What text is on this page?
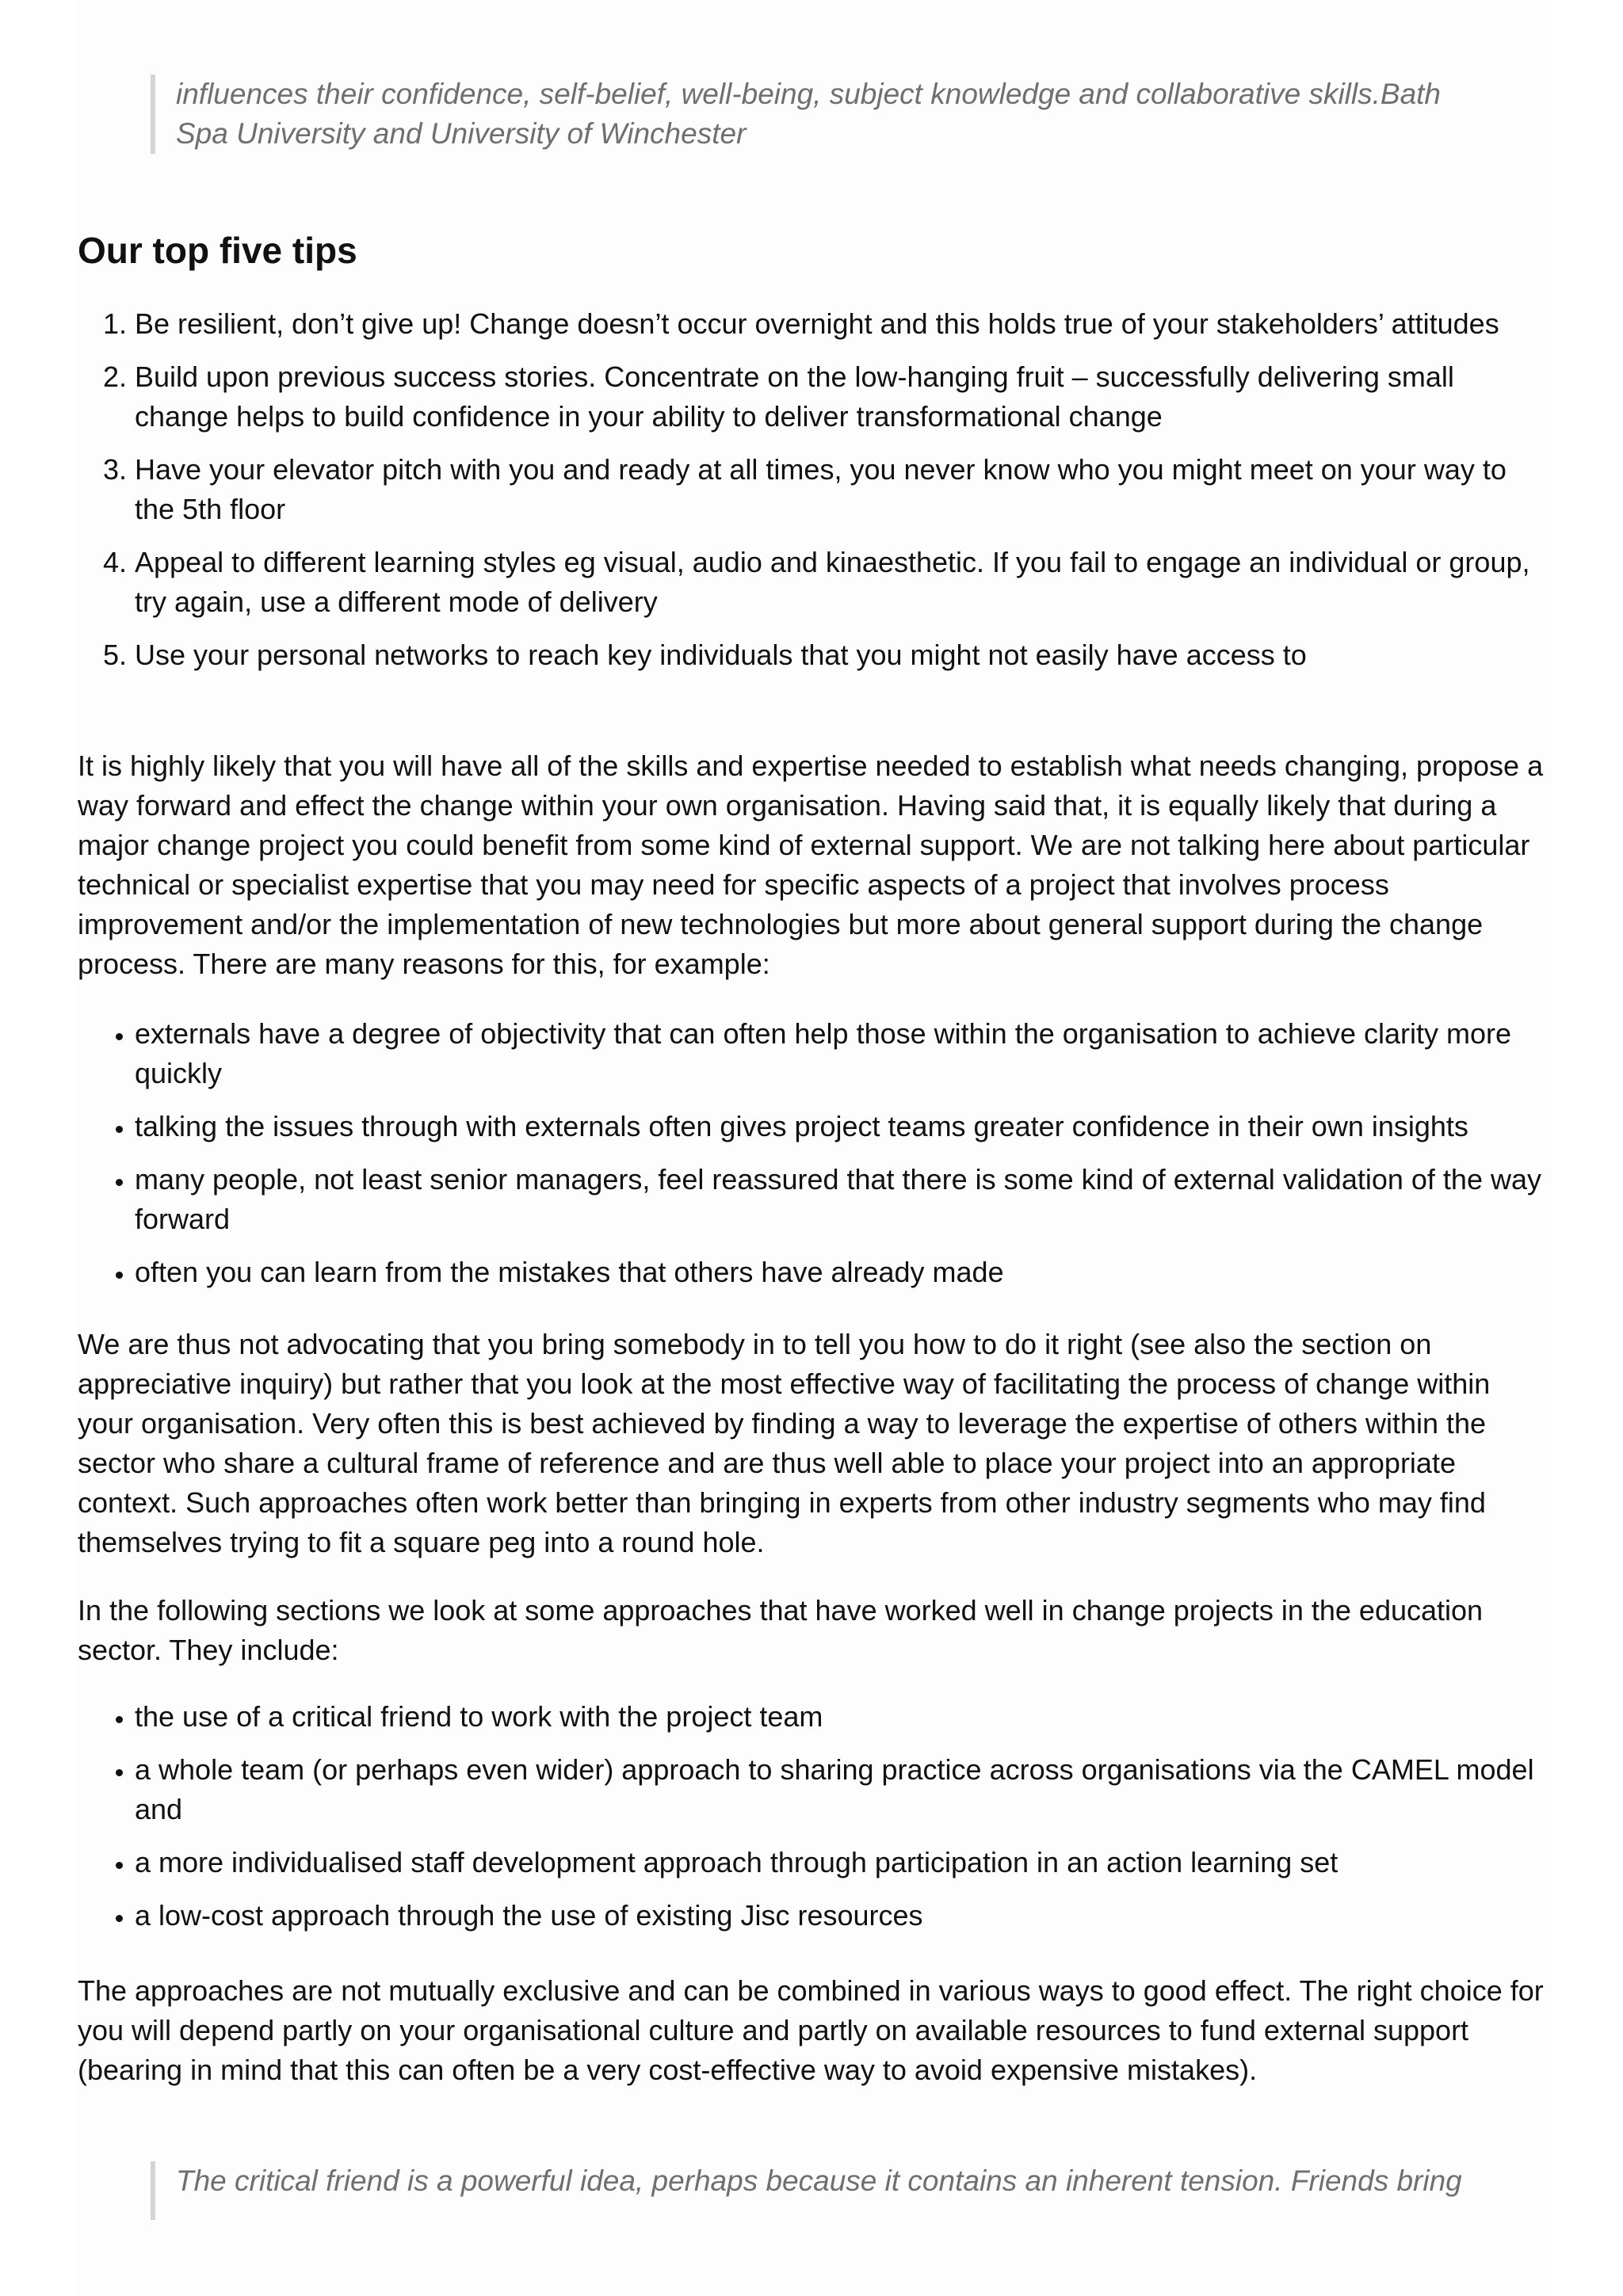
influences their confidence, self-belief, well-being, subject knowledge and collaborative skills.Bath
Spa University and University of Winchester
Our top five tips
1. Be resilient, don’t give up! Change doesn’t occur overnight and this holds true of your stakeholders’ attitudes
2. Build upon previous success stories. Concentrate on the low-hanging fruit – successfully delivering small change helps to build confidence in your ability to deliver transformational change
3. Have your elevator pitch with you and ready at all times, you never know who you might meet on your way to the 5th floor
4. Appeal to different learning styles eg visual, audio and kinaesthetic. If you fail to engage an individual or group, try again, use a different mode of delivery
5. Use your personal networks to reach key individuals that you might not easily have access to

It is highly likely that you will have all of the skills and expertise needed to establish what needs changing, propose a way forward and effect the change within your own organisation. Having said that, it is equally likely that during a major change project you could benefit from some kind of external support. We are not talking here about particular technical or specialist expertise that you may need for specific aspects of a project that involves process improvement and/or the implementation of new technologies but more about general support during the change process. There are many reasons for this, for example:

• externals have a degree of objectivity that can often help those within the organisation to achieve clarity more quickly
• talking the issues through with externals often gives project teams greater confidence in their own insights
• many people, not least senior managers, feel reassured that there is some kind of external validation of the way forward
• often you can learn from the mistakes that others have already made

We are thus not advocating that you bring somebody in to tell you how to do it right (see also the section on appreciative inquiry) but rather that you look at the most effective way of facilitating the process of change within your organisation. Very often this is best achieved by finding a way to leverage the expertise of others within the sector who share a cultural frame of reference and are thus well able to place your project into an appropriate context. Such approaches often work better than bringing in experts from other industry segments who may find themselves trying to fit a square peg into a round hole.

In the following sections we look at some approaches that have worked well in change projects in the education sector. They include:

• the use of a critical friend to work with the project team
• a whole team (or perhaps even wider) approach to sharing practice across organisations via the CAMEL model and
• a more individualised staff development approach through participation in an action learning set
• a low-cost approach through the use of existing Jisc resources

The approaches are not mutually exclusive and can be combined in various ways to good effect. The right choice for you will depend partly on your organisational culture and partly on available resources to fund external support (bearing in mind that this can often be a very cost-effective way to avoid expensive mistakes).

The critical friend is a powerful idea, perhaps because it contains an inherent tension. Friends bring
